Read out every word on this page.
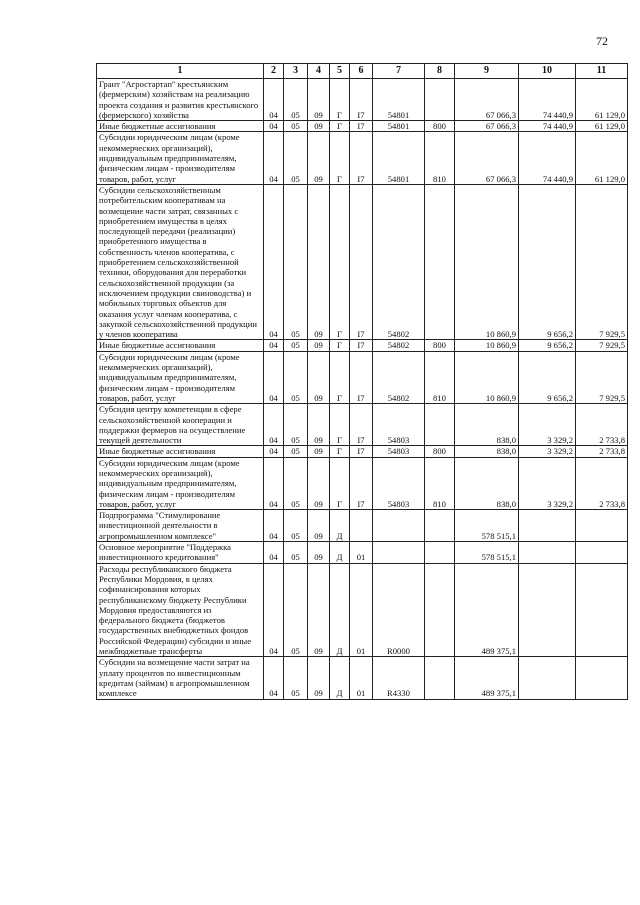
72
1	2	3	4	5	6	7	8	9	10	11
Грант "Агростартап" крестьянским (фермерским) хозяйствам на реализацию проекта создания и развития крестьянского (фермерского) хозяйства	04	05	09	Г	I7	54801		67 066,3	74 440,9	61 129,0
Иные бюджетные ассигнования	04	05	09	Г	I7	54801	800	67 066,3	74 440,9	61 129,0
Субсидии юридическим лицам (кроме некоммерческих организаций), индивидуальным предпринимателям, физическим лицам - производителям товаров, работ, услуг	04	05	09	Г	I7	54801	810	67 066,3	74 440,9	61 129,0
Субсидии сельскохозяйственным потребительским кооперативам на возмещение части затрат, связанных с приобретением имущества в целях последующей передачи (реализации) приобретенного имущества в собственность членов кооператива, с приобретением сельскохозяйственной техники, оборудования для переработки сельскохозяйственной продукции (за исключением продукции свиноводства) и мобильных торговых объектов для оказания услуг членам кооператива, с закупкой сельскохозяйственной продукции у членов кооператива	04	05	09	Г	I7	54802		10 860,9	9 656,2	7 929,5
Иные бюджетные ассигнования	04	05	09	Г	I7	54802	800	10 860,9	9 656,2	7 929,5
Субсидии юридическим лицам (кроме некоммерческих организаций), индивидуальным предпринимателям, физическим лицам - производителям товаров, работ, услуг	04	05	09	Г	I7	54802	810	10 860,9	9 656,2	7 929,5
Субсидия центру компетенции в сфере сельскохозяйственной кооперации и поддержки фермеров на осуществление текущей деятельности	04	05	09	Г	I7	54803		838,0	3 329,2	2 733,8
Иные бюджетные ассигнования	04	05	09	Г	I7	54803	800	838,0	3 329,2	2 733,8
Субсидии юридическим лицам (кроме некоммерческих организаций), индивидуальным предпринимателям, физическим лицам - производителям товаров, работ, услуг	04	05	09	Г	I7	54803	810	838,0	3 329,2	2 733,8
Подпрограмма "Стимулирование инвестиционной деятельности в агропромышленном комплексе"	04	05	09	Д				578 515,1		
Основное мероприятие "Поддержка инвестиционного кредитования"	04	05	09	Д	01			578 515,1		
Расходы республиканского бюджета Республики Мордовия, в целях софинансирования которых республиканскому бюджету Республики Мордовия предоставляются из федерального бюджета (бюджетов государственных внебюджетных фондов Российской Федерации) субсидии и иные межбюджетные трансферты	04	05	09	Д	01	R0000		489 375,1		
Субсидии на возмещение части затрат на уплату процентов по инвестиционным кредитам (займам) в агропромышленном комплексе	04	05	09	Д	01	R4330		489 375,1		
